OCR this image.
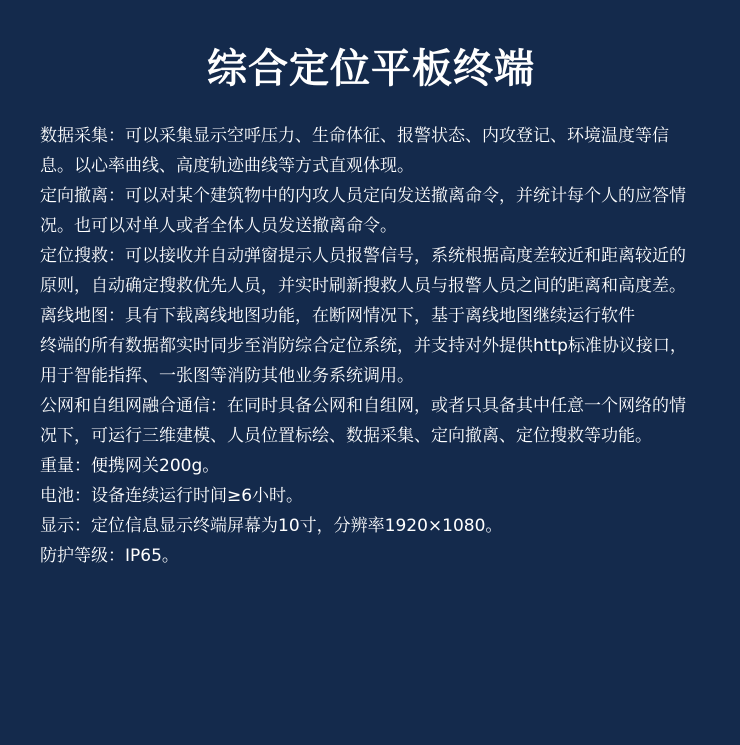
综合定位平板终端

数据采集：可以采集显示空呼压力、生命体征、报警状态、内攻登记、环境温度等信息。以心率曲线、高度轨迹曲线等方式直观体现。

定向撤离：可以对某个建筑物中的内攻人员定向发送撤离命令，并统计每个人的应答情况。也可以对单人或者全体人员发送撤离命令。

定位搜救：可以接收并自动弹窗提示人员报警信号，系统根据高度差较近和距离较近的原则，自动确定搜救优先人员，并实时刷新搜救人员与报警人员之间的距离和高度差。

离线地图：具有下载离线地图功能，在断网情况下，基于离线地图继续运行软件

终端的所有数据都实时同步至消防综合定位系统，并支持对外提供http标准协议接口，用于智能指挥、一张图等消防其他业务系统调用。

公网和自组网融合通信：在同时具备公网和自组网，或者只具备其中任意一个网络的情况下，可运行三维建模、人员位置标绘、数据采集、定向撤离、定位搜救等功能。

重量：便携网关200g。

电池：设备连续运行时间≥6小时。

显示：定位信息显示终端屏幕为10寸，分辨率1920×1080。

防护等级：IP65。
